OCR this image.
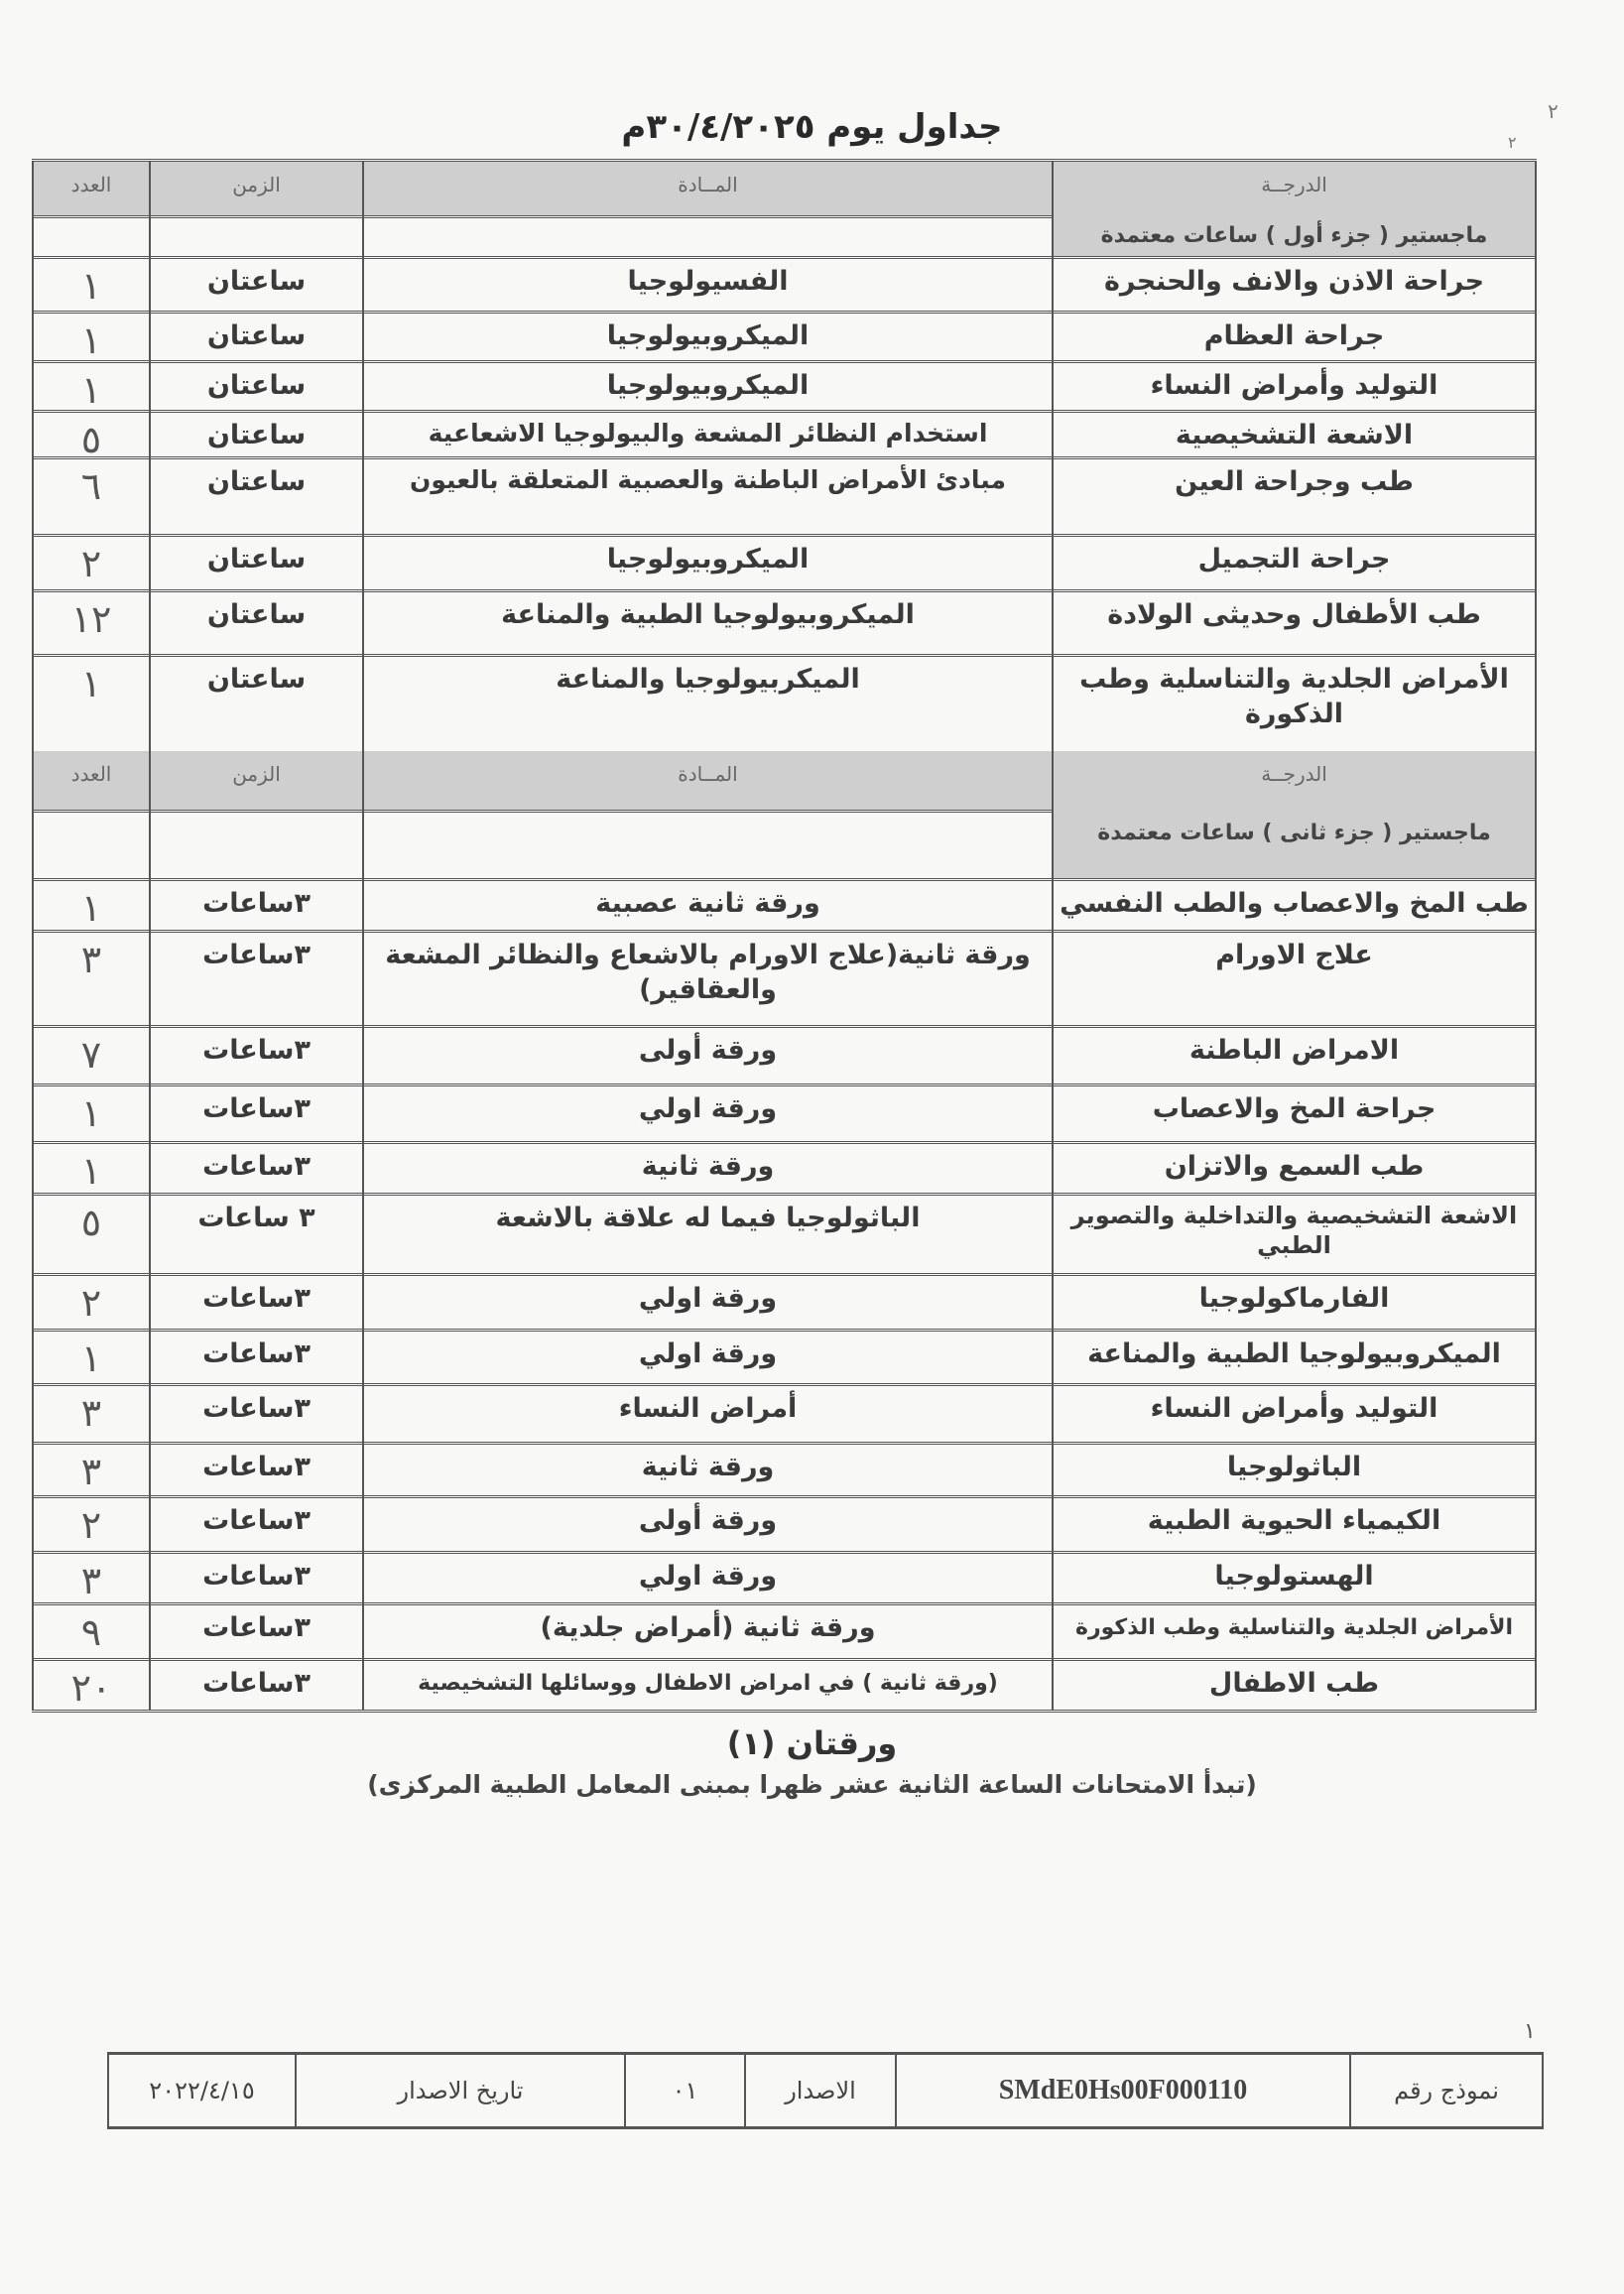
جداول يوم ٣٠/٤/٢٠٢٥م	٢
٢
الدرجــة
المــادة
الزمن
العدد
ماجستير ( جزء أول ) ساعات معتمدة
جراحة الاذن والانف والحنجرة
الفسيولوجيا
ساعتان
١
جراحة العظام
الميكروبيولوجيا
ساعتان
١
التوليد وأمراض النساء
الميكروبيولوجيا
ساعتان
١
الاشعة التشخيصية
استخدام النظائر المشعة والبيولوجيا الاشعاعية
ساعتان
٥
طب وجراحة العين
مبادئ الأمراض الباطنة والعصبية المتعلقة بالعيون
ساعتان
٦
جراحة التجميل
الميكروبيولوجيا
ساعتان
٢
طب الأطفال وحديثى الولادة
الميكروبيولوجيا الطبية والمناعة
ساعتان
١٢
الأمراض الجلدية والتناسلية وطب الذكورة
الميكربيولوجيا والمناعة
ساعتان
١
الدرجــة
المــادة
الزمن
العدد
ماجستير ( جزء ثانى ) ساعات معتمدة
طب المخ والاعصاب والطب النفسي
ورقة ثانية عصبية
٣ساعات
١
علاج الاورام
ورقة ثانية(علاج الاورام بالاشعاع والنظائر المشعة والعقاقير)
٣ساعات
٣
الامراض الباطنة
ورقة أولى
٣ساعات
٧
جراحة المخ والاعصاب
ورقة اولي
٣ساعات
١
طب السمع والاتزان
ورقة ثانية
٣ساعات
١
الاشعة التشخيصية والتداخلية والتصوير الطبي
الباثولوجيا فيما له علاقة بالاشعة
٣ ساعات
٥
الفارماكولوجيا
ورقة اولي
٣ساعات
٢
الميكروبيولوجيا الطبية والمناعة
ورقة اولي
٣ساعات
١
التوليد وأمراض النساء
أمراض النساء
٣ساعات
٣
الباثولوجيا
ورقة ثانية
٣ساعات
٣
الكيمياء الحيوية الطبية
ورقة أولى
٣ساعات
٢
الهستولوجيا
ورقة اولي
٣ساعات
٣
الأمراض الجلدية والتناسلية وطب الذكورة
ورقة ثانية (أمراض جلدية)
٣ساعات
٩
طب الاطفال
(ورقة ثانية ) في امراض الاطفال ووسائلها التشخيصية
٣ساعات
٢٠
ورقتان (١)
(تبدأ الامتحانات الساعة الثانية عشر ظهرا بمبنى المعامل الطبية المركزى)
١
نموذج رقم
SMdE0Hs00F000110
الاصدار
٠١
تاريخ الاصدار
٢٠٢٢/٤/١٥
